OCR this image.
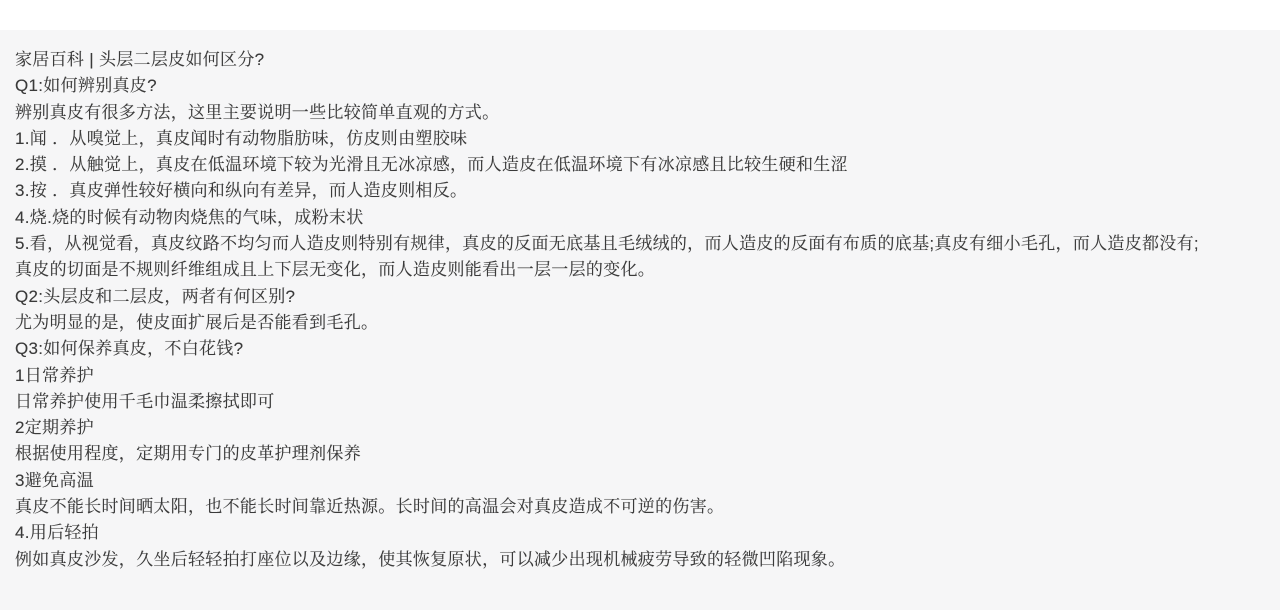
家居百科 | 头层二层皮如何区分?
Q1:如何辨别真皮?
辨别真皮有很多方法，这里主要说明一些比较简单直观的方式。
1.闻 ．从嗅觉上，真皮闻时有动物脂肪味，仿皮则由塑胶味
2.摸 ．从触觉上，真皮在低温环境下较为光滑且无冰凉感，而人造皮在低温环境下有冰凉感且比较生硬和生涩
3.按 ．真皮弹性较好横向和纵向有差异，而人造皮则相反。
4.烧.烧的时候有动物肉烧焦的气味，成粉末状
5.看，从视觉看，真皮纹路不均匀而人造皮则特别有规律，真皮的反面无底基且毛绒绒的，而人造皮的反面有布质的底基;真皮有细小毛孔，而人造皮都没有;
真皮的切面是不规则纤维组成且上下层无变化，而人造皮则能看出一层一层的变化。
Q2:头层皮和二层皮，两者有何区别?
尤为明显的是，使皮面扩展后是否能看到毛孔。
Q3:如何保养真皮，不白花钱?
1日常养护
日常养护使用千毛巾温柔擦拭即可
2定期养护
根据使用程度，定期用专门的皮革护理剂保养
3避免高温
真皮不能长时间晒太阳，也不能长时间靠近热源。长时间的高温会对真皮造成不可逆的伤害。
4.用后轻拍
例如真皮沙发，久坐后轻轻拍打座位以及边缘，使其恢复原状，可以减少出现机械疲劳导致的轻微凹陷现象。
